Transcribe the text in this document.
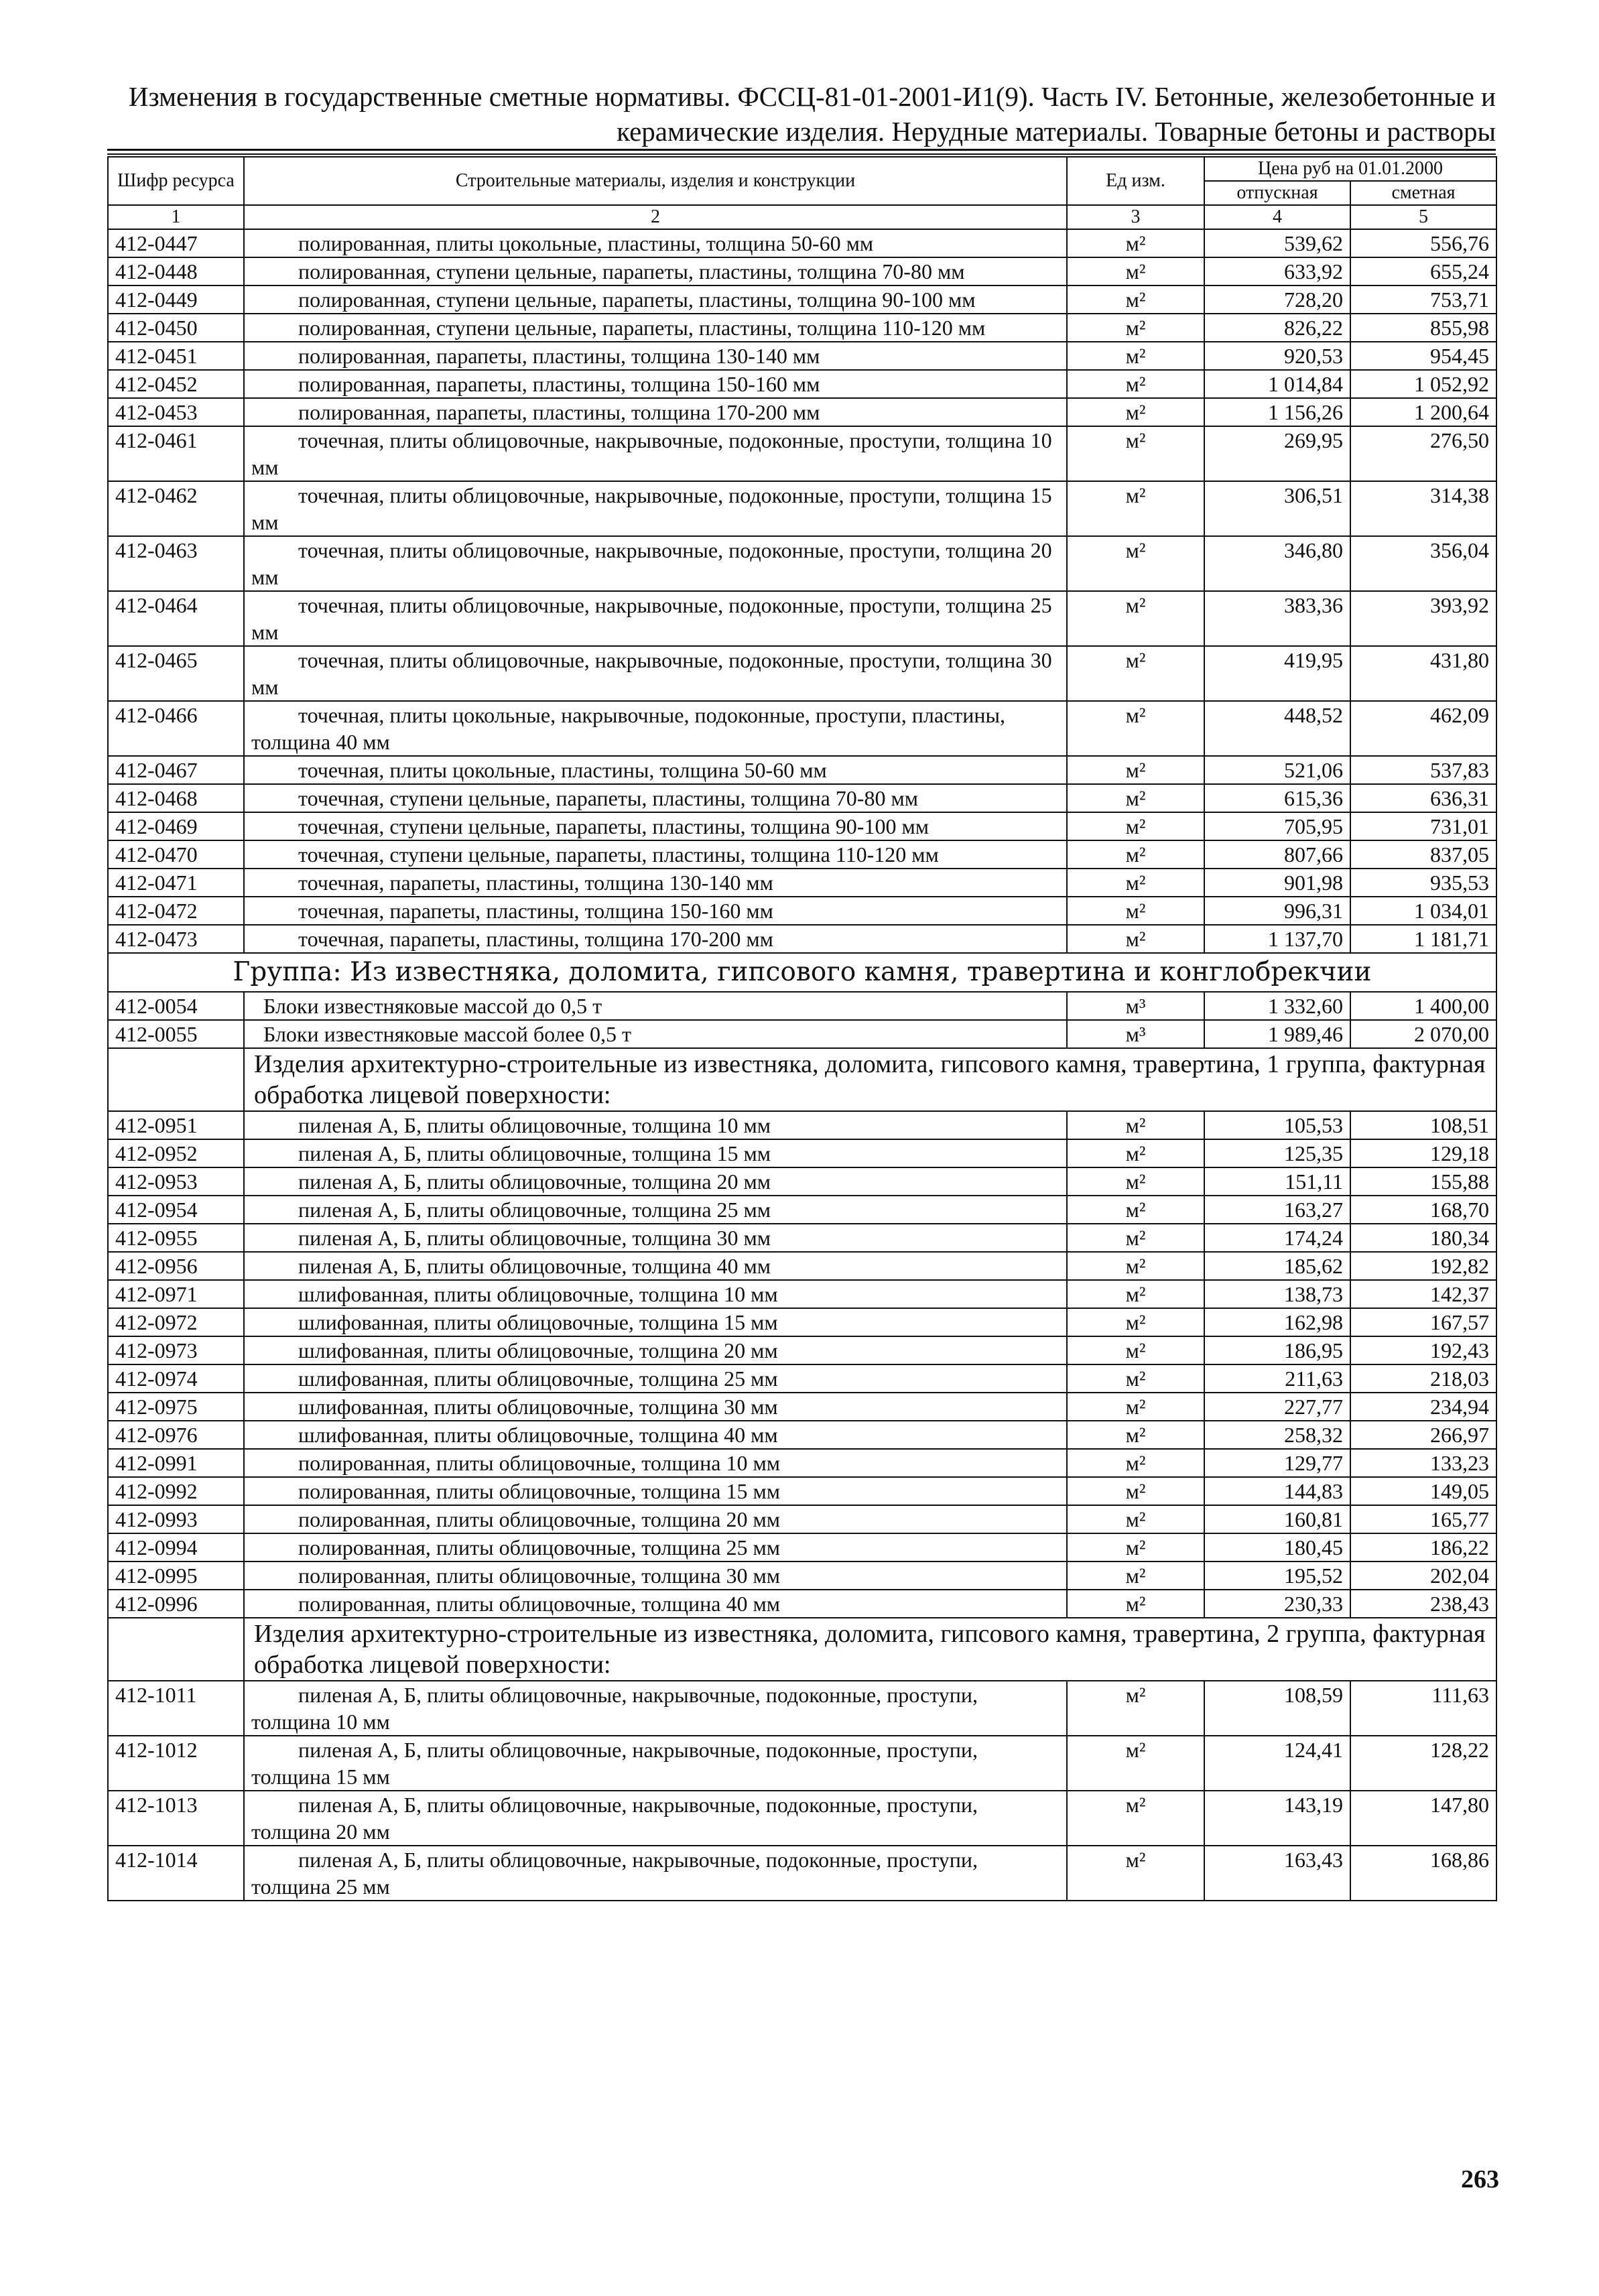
Изменения в государственные сметные нормативы. ФССЦ-81-01-2001-И1(9). Часть IV. Бетонные, железобетонные и
керамические изделия. Нерудные материалы. Товарные бетоны и растворы
Шифр ресурса	Строительные материалы, изделия и конструкции	Ед изм.	Цена руб на 01.01.2000	
			отпускная	сметная
1	2	3	4	5
412-0447	полированная, плиты цокольные, пластины, толщина 50-60 мм	м²	539,62	556,76
412-0448	полированная, ступени цельные, парапеты, пластины, толщина 70-80 мм	м²	633,92	655,24
412-0449	полированная, ступени цельные, парапеты, пластины, толщина 90-100 мм	м²	728,20	753,71
412-0450	полированная, ступени цельные, парапеты, пластины, толщина 110-120 мм	м²	826,22	855,98
412-0451	полированная, парапеты, пластины, толщина 130-140 мм	м²	920,53	954,45
412-0452	полированная, парапеты, пластины, толщина 150-160 мм	м²	1 014,84	1 052,92
412-0453	полированная, парапеты, пластины, толщина 170-200 мм	м²	1 156,26	1 200,64
412-0461	точечная, плиты облицовочные, накрывочные, подоконные, проступи, толщина 10 мм	м²	269,95	276,50
412-0462	точечная, плиты облицовочные, накрывочные, подоконные, проступи, толщина 15 мм	м²	306,51	314,38
412-0463	точечная, плиты облицовочные, накрывочные, подоконные, проступи, толщина 20 мм	м²	346,80	356,04
412-0464	точечная, плиты облицовочные, накрывочные, подоконные, проступи, толщина 25 мм	м²	383,36	393,92
412-0465	точечная, плиты облицовочные, накрывочные, подоконные, проступи, толщина 30 мм	м²	419,95	431,80
412-0466	точечная, плиты цокольные, накрывочные, подоконные, проступи, пластины, толщина 40 мм	м²	448,52	462,09
412-0467	точечная, плиты цокольные, пластины, толщина 50-60 мм	м²	521,06	537,83
412-0468	точечная, ступени цельные, парапеты, пластины, толщина 70-80 мм	м²	615,36	636,31
412-0469	точечная, ступени цельные, парапеты, пластины, толщина 90-100 мм	м²	705,95	731,01
412-0470	точечная, ступени цельные, парапеты, пластины, толщина 110-120 мм	м²	807,66	837,05
412-0471	точечная, парапеты, пластины, толщина 130-140 мм	м²	901,98	935,53
412-0472	точечная, парапеты, пластины, толщина 150-160 мм	м²	996,31	1 034,01
412-0473	точечная, парапеты, пластины, толщина 170-200 мм	м²	1 137,70	1 181,71
Группа: Из известняка, доломита, гипсового камня, травертина и конглобрекчии				
412-0054	Блоки известняковые массой до 0,5 т	м³	1 332,60	1 400,00
412-0055	Блоки известняковые массой более 0,5 т	м³	1 989,46	2 070,00
	Изделия архитектурно-строительные из известняка, доломита, гипсового камня, травертина, 1 группа, фактурная обработка лицевой поверхности:			
412-0951	пиленая А, Б, плиты облицовочные, толщина 10 мм	м²	105,53	108,51
412-0952	пиленая А, Б, плиты облицовочные, толщина 15 мм	м²	125,35	129,18
412-0953	пиленая А, Б, плиты облицовочные, толщина 20 мм	м²	151,11	155,88
412-0954	пиленая А, Б, плиты облицовочные, толщина 25 мм	м²	163,27	168,70
412-0955	пиленая А, Б, плиты облицовочные, толщина 30 мм	м²	174,24	180,34
412-0956	пиленая А, Б, плиты облицовочные, толщина 40 мм	м²	185,62	192,82
412-0971	шлифованная, плиты облицовочные, толщина 10 мм	м²	138,73	142,37
412-0972	шлифованная, плиты облицовочные, толщина 15 мм	м²	162,98	167,57
412-0973	шлифованная, плиты облицовочные, толщина 20 мм	м²	186,95	192,43
412-0974	шлифованная, плиты облицовочные, толщина 25 мм	м²	211,63	218,03
412-0975	шлифованная, плиты облицовочные, толщина 30 мм	м²	227,77	234,94
412-0976	шлифованная, плиты облицовочные, толщина 40 мм	м²	258,32	266,97
412-0991	полированная, плиты облицовочные, толщина 10 мм	м²	129,77	133,23
412-0992	полированная, плиты облицовочные, толщина 15 мм	м²	144,83	149,05
412-0993	полированная, плиты облицовочные, толщина 20 мм	м²	160,81	165,77
412-0994	полированная, плиты облицовочные, толщина 25 мм	м²	180,45	186,22
412-0995	полированная, плиты облицовочные, толщина 30 мм	м²	195,52	202,04
412-0996	полированная, плиты облицовочные, толщина 40 мм	м²	230,33	238,43
	Изделия архитектурно-строительные из известняка, доломита, гипсового камня, травертина, 2 группа, фактурная обработка лицевой поверхности:			
412-1011	пиленая А, Б, плиты облицовочные, накрывочные, подоконные, проступи, толщина 10 мм	м²	108,59	111,63
412-1012	пиленая А, Б, плиты облицовочные, накрывочные, подоконные, проступи, толщина 15 мм	м²	124,41	128,22
412-1013	пиленая А, Б, плиты облицовочные, накрывочные, подоконные, проступи, толщина 20 мм	м²	143,19	147,80
412-1014	пиленая А, Б, плиты облицовочные, накрывочные, подоконные, проступи, толщина 25 мм	м²	163,43	168,86
263
